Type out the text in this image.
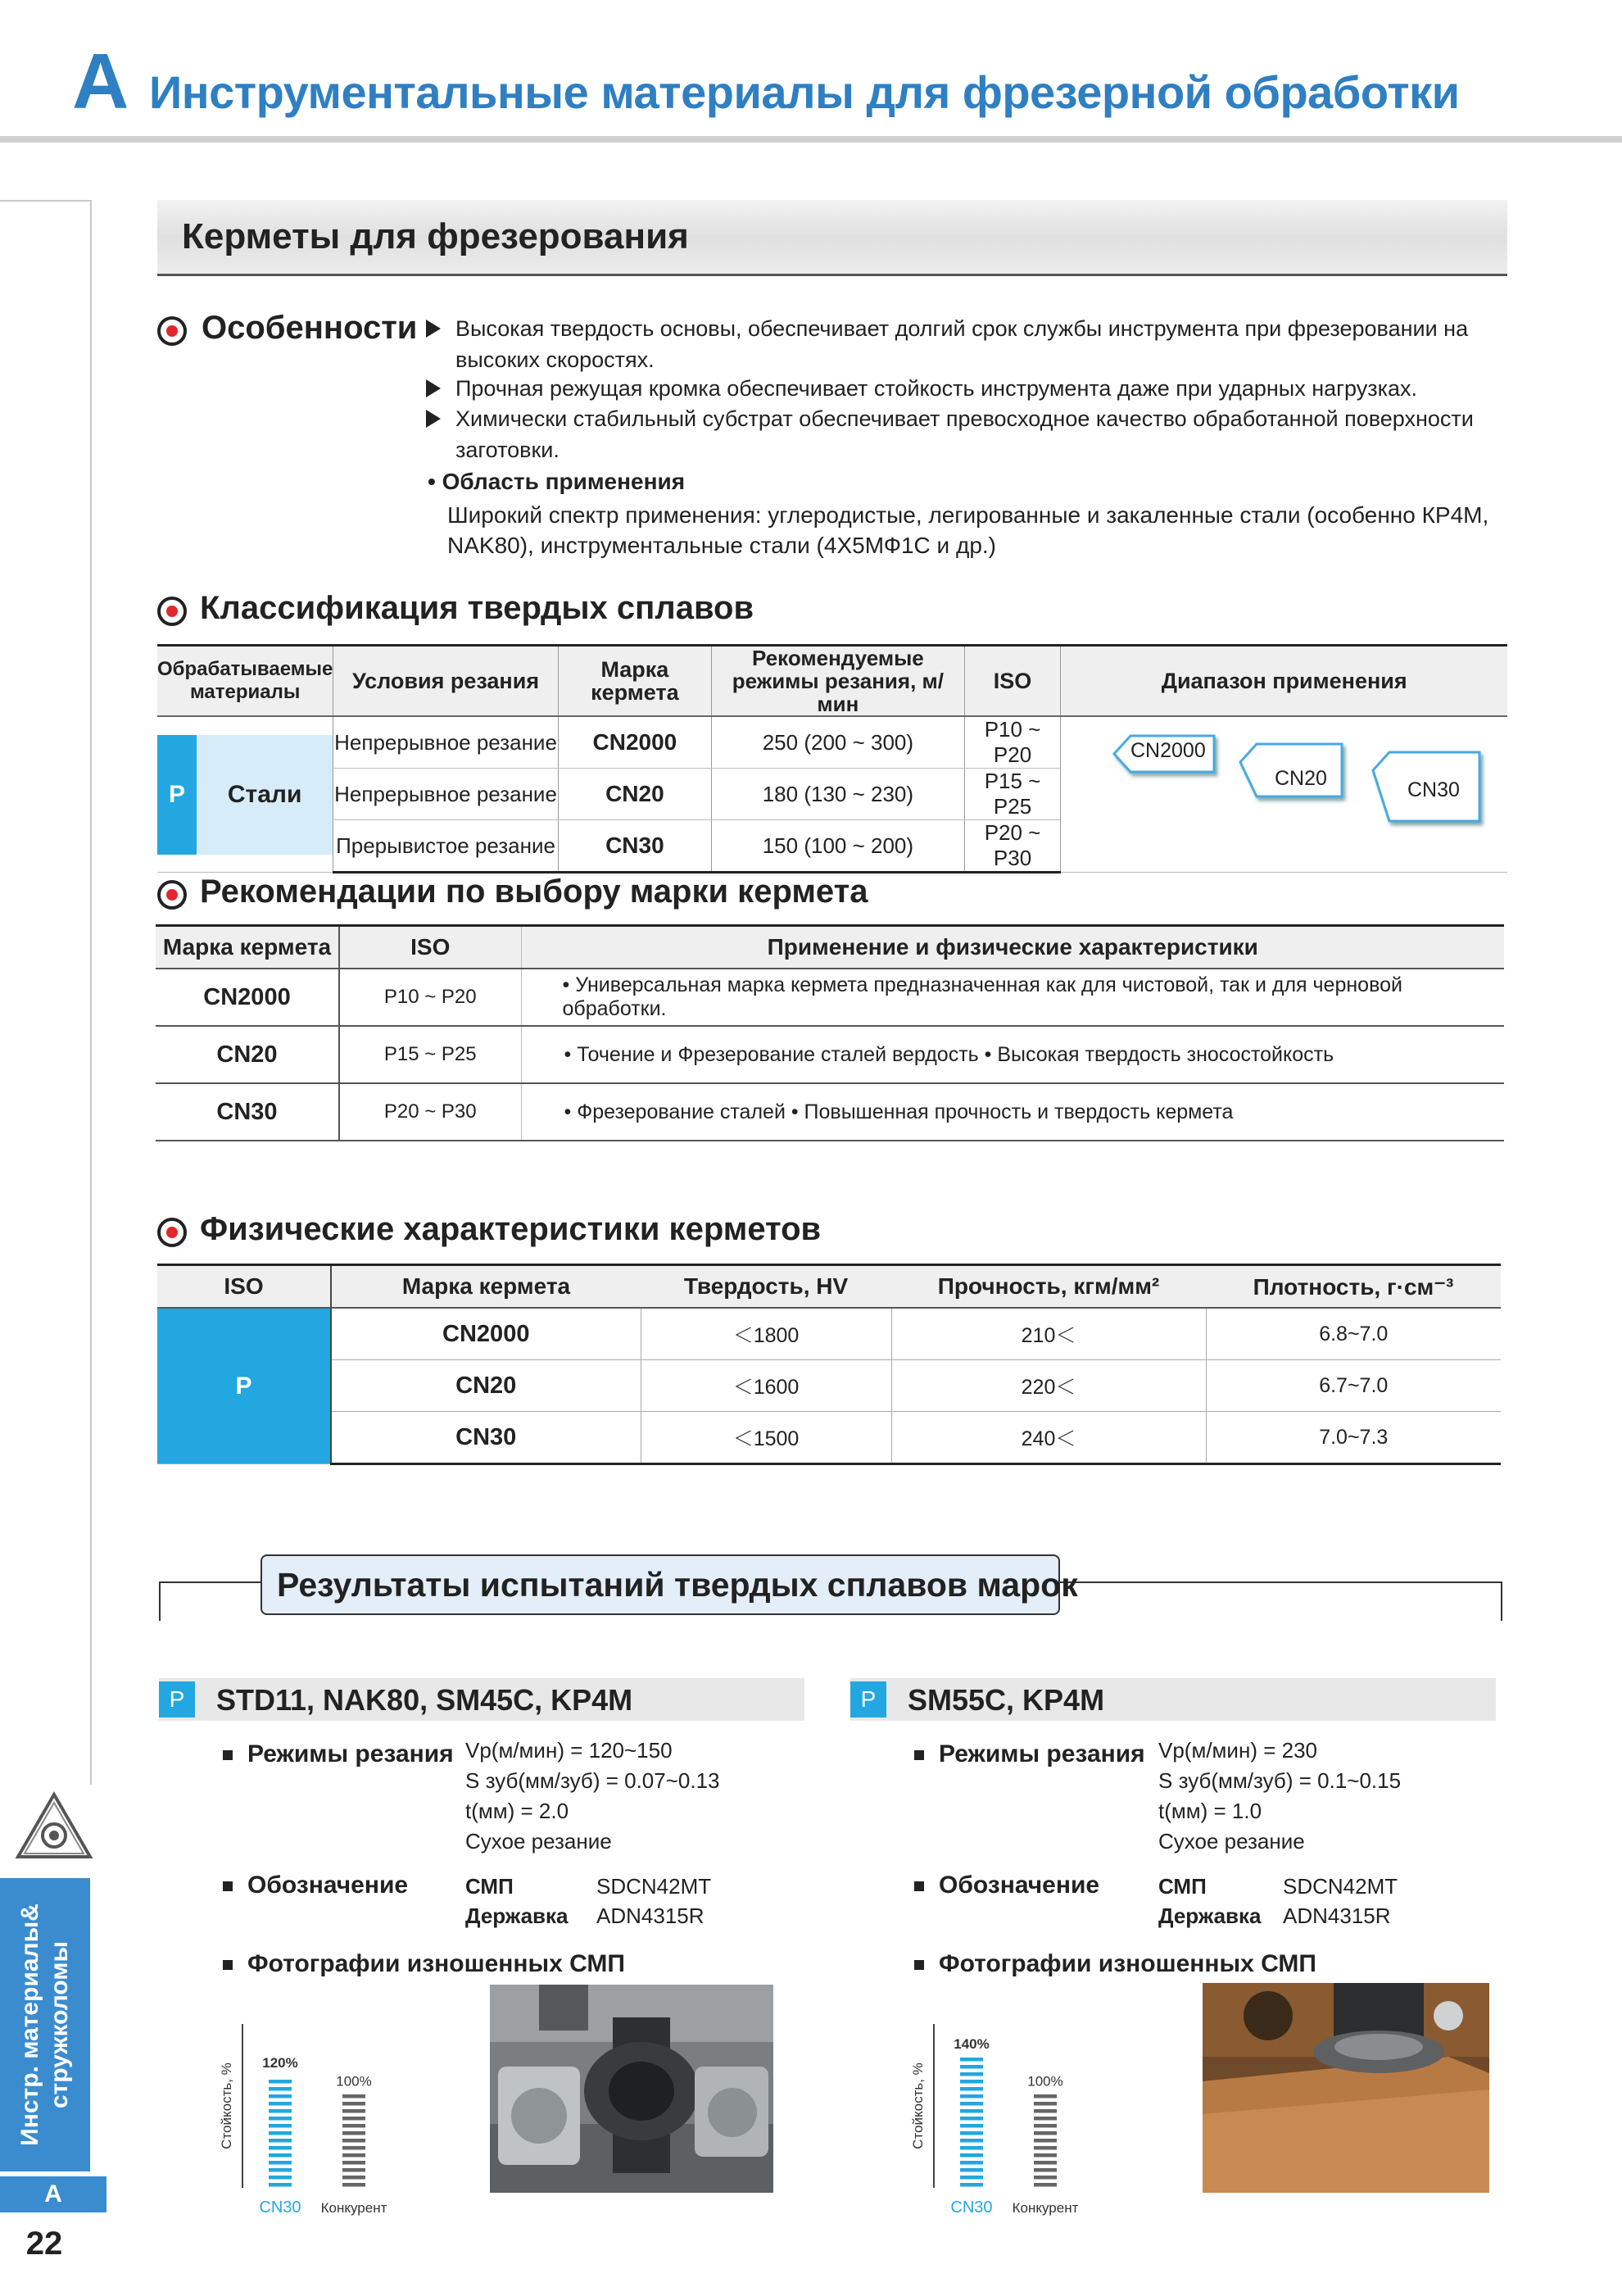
A Инструментальные материалы для фрезерной обработки
Инстр. материалы& стружколомы
A
22
Керметы для фрезерования
Особенности	Высокая твердость основы, обеспечивает долгий срок службы инструмента при фрезеровании на высоких скоростях.
Прочная режущая кромка обеспечивает стойкость инструмента даже при ударных нагрузках.
Химически стабильный субстрат обеспечивает превосходное качество обработанной поверхности заготовки.
• Область применения
Широкий спектр применения: углеродистые, легированные и закаленные стали (особенно КР4М, NAK80), инструментальные стали (4Х5МФ1С и др.)
Классификация твердых сплавов
Обрабатываемые материалы	Условия резания	Марка кермета	Рекомендуемые режимы резания, м/мин	ISO	Диапазон применения

P Стали	Непрерывное резание	CN2000	250 (200 ~ 300)	P10 ~ P20	
	Непрерывное резание	CN20	180 (130 ~ 230)	P15 ~ P25	
	Прерывистое резание	CN30	150 (100 ~ 200)	P20 ~ P30	
CN2000
CN20	CN30
Рекомендации по выбору марки кермета
Марка кермета	ISO	Применение и физические характеристики
CN2000	P10 ~ P20	• Универсальная марка кермета предназначенная как для чистовой, так и для черновой обработки.
CN20	P15 ~ P25	• Точение и Фрезерование сталей вердость • Высокая твердость зносостойкость
CN30	P20 ~ P30	• Фрезерование сталей • Повышенная прочность и твердость кермета
Физические характеристики керметов
ISO	Марка кермета	Твердость, HV	Прочность, кгм/мм²	Плотность, г·см⁻³
P	CN2000	＜1800	210＜	6.8~7.0
	CN20	＜1600	220＜	6.7~7.0
	CN30	＜1500	240＜	7.0~7.3
Результаты испытаний твердых сплавов марок
P	STD11, NAK80, SM45C, KP4M
Режимы резания Vр(м/мин) = 120~150
S зуб(мм/зуб) = 0.07~0.13
t(мм) = 2.0
Сухое резание
Обозначение	СМП	SDCN42MT
Державка ADN4315R
Фотографии изношенных СМП
Стойкость, % 120%
CN30
100%
Конкурент
P	SM55C, KP4M
Режимы резания Vр(м/мин) = 230
S зуб(мм/зуб) = 0.1~0.15
t(мм) = 1.0
Сухое резание
Обозначение	СМП	SDCN42MT
Державка ADN4315R
Фотографии изношенных СМП
Стойкость, %
140%
CN30
100%
Конкурент
